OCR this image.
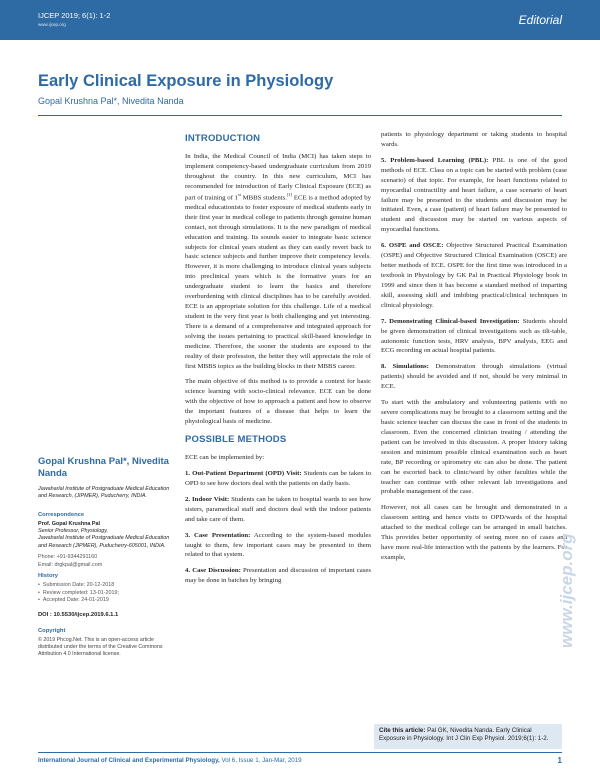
IJCEP 2019; 6(1): 1-2
www.ijcep.org	Editorial
Early Clinical Exposure in Physiology
Gopal Krushna Pal*, Nivedita Nanda
Gopal Krushna Pal*, Nivedita Nanda
Jawaharlal Institute of Postgraduate Medical Education and Research, (JIPMER), Puducherry, INDIA.
Correspondence
Prof. Gopal Krushna Pal
Senior Professor, Physiology,
Jawaharlal Institute of Postgraduate Medical Education and Research (JIPMER), Puducherry-605001, INDIA.
Phone: +91-9344291160
Email: drgkpal@gmail.com
History
• Submission Date: 20-12-2018
• Review completed: 13-01-2019;
• Accepted Date: 24-01-2019
DOI : 10.5530/ijcep.2019.6.1.1
Copyright
© 2019 Phcog.Net. This is an open-access article distributed under the terms of the Creative Commons Attribution 4.0 International license.
INTRODUCTION

In India, the Medical Council of India (MCI) has taken steps to implement competency-based undergraduate curriculum from 2019 throughout the country. In this new curriculum, MCI has recommended for introduction of Early Clinical Exposure (ECE) as part of training of 1st MBBS students.[1] ECE is a method adopted by medical educationists to foster exposure of medical students early in their first year in medical college to patients through genuine human contact, not through simulations. It is the new paradigm of medical education and training. Its sounds easier to integrate basic science subjects for clinical years student as they can easily revert back to basic science subjects and further improve their competency levels. However, it is more challenging to introduce clinical years subjects into preclinical years which is the formative years for an undergraduate student to learn the basics and therefore overburdening with clinical disciplines has to be carefully avoided. ECE is an appropriate solution for this challenge. Life of a medical student in the very first year is both challenging and yet interesting. There is a demand of a comprehensive and integrated approach for solving the issues pertaining to practical skill-based knowledge in medicine. Therefore, the sooner the students are exposed to the reality of their profession, the better they will appreciate the role of first MBBS topics as the building blocks in their MBBS career.

The main objective of this method is to provide a context for basic science learning with socio-clinical relevance. ECE can be done with the objective of how to approach a patient and how to observe the important features of a disease that helps to learn the physiological basis of medicine.

POSSIBLE METHODS

ECE can be implemented by:

1. Out-Patient Department (OPD) Visit: Students can be taken to OPD to see how doctors deal with the patients on daily basis.

2. Indoor Visit: Students can be taken to hospital wards to see how sisters, paramedical staff and doctors deal with the indoor patients and take care of them.

3. Case Presentation: According to the system-based modules taught to them, few important cases may be presented to them related to that system.

4. Case Discussion: Presentation and discussion of important cases may be done in batches by bringing

patients to physiology department or taking students to hospital wards.

5. Problem-based Learning (PBL): PBL is one of the good methods of ECE. Class on a topic can be started with problem (case scenario) of that topic. For example, for heart functions related to myocardial contractility and heart failure, a case scenario of heart failure may be presented to the students and discussion may be initiated. Even, a case (patient) of heart failure may be presented to student and discussion may be started on various aspects of myocardial functions.

6. OSPE and OSCE: Objective Structured Practical Examination (OSPE) and Objective Structured Clinical Examination (OSCE) are better methods of ECE. OSPE for the first time was introduced in a textbook in Physiology by GK Pal in Practical Physiology book in 1999 and since then it has become a standard method of imparting skill, assessing skill and imbibing practical/clinical techniques in clinical physiology.

7. Demonstrating Clinical-based Investigation: Students should be given demonstration of clinical investigations such as tilt-table, autonomic function tests, HRV analysis, BPV analysis, EEG and ECG recording on actual hospital patients.

8. Simulations: Demonstration through simulations (virtual patients) should be avoided and if not, should be very minimal in ECE.

To start with the ambulatory and volunteering patients with no severe complications may be brought to a classroom setting and the basic science teacher can discuss the case in front of the students in classroom. Even the concerned clinician treating / attending the patient can be involved in this discussion. A proper history taking session and minimum possible clinical examination such as heart rate, BP recording or spirometry etc can also be done. The patient can be escorted back to clinic/ward by other faculties while the teacher can continue with other relevant lab investigations and probable management of the case.

However, not all cases can be brought and demonstrated in a classroom setting and hence visits to OPD/wards of the hospital attached to the medical college can be arranged in small batches. This provides better opportunity of seeing more no of cases and have more real-life interaction with the patients by the learners. For example,	www.ijcep.org
Cite this article: Pal GK, Nivedita Nanda. Early Clinical Exposure in Physiology. Int J Clin Exp Physiol. 2019;6(1): 1-2.
International Journal of Clinical and Experimental Physiology, Vol 6, Issue 1, Jan-Mar, 2019	1
